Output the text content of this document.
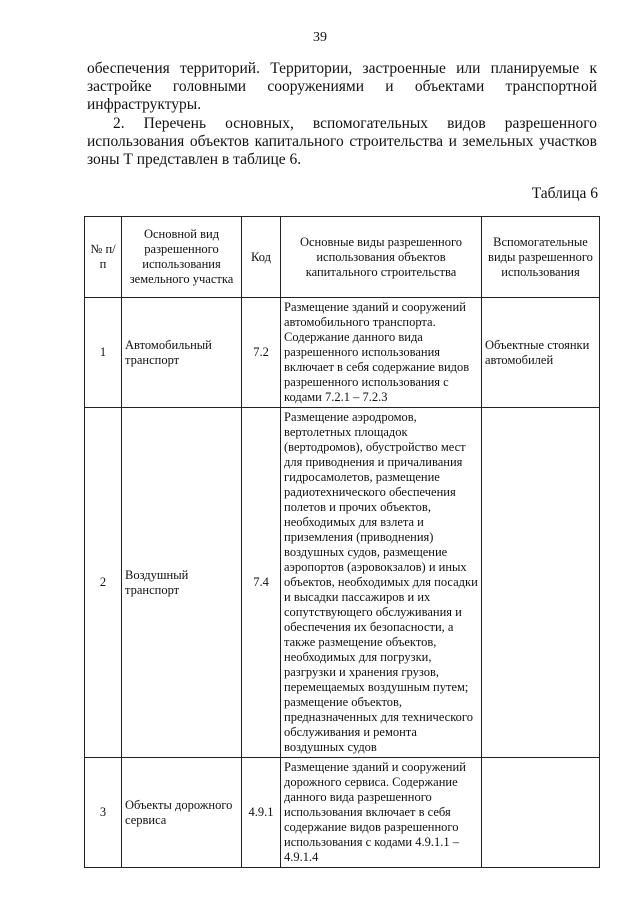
39

обеспечения территорий. Территории, застроенные или планируемые к застройке головными сооружениями и объектами транспортной инфраструктуры.

2. Перечень основных, вспомогательных видов разрешенного использования объектов капитального строительства и земельных участков зоны Т представлен в таблице 6.

Таблица 6
№ п/п	Основной вид разрешенного использования земельного участка	Код	Основные виды разрешенного использования объектов капитального строительства	Вспомогательные виды разрешенного использования
1	Автомобильный транспорт	7.2	Размещение зданий и сооружений автомобильного транспорта. Содержание данного вида разрешенного использования включает в себя содержание видов разрешенного использования с кодами 7.2.1 – 7.2.3	Объектные стоянки автомобилей
2	Воздушный транспорт	7.4	Размещение аэродромов, вертолетных площадок (вертодромов), обустройство мест для приводнения и причаливания гидросамолетов, размещение радиотехнического обеспечения полетов и прочих объектов, необходимых для взлета и приземления (приводнения) воздушных судов, размещение аэропортов (аэровокзалов) и иных объектов, необходимых для посадки и высадки пассажиров и их сопутствующего обслуживания и обеспечения их безопасности, а также размещение объектов, необходимых для погрузки, разгрузки и хранения грузов, перемещаемых воздушным путем; размещение объектов, предназначенных для технического обслуживания и ремонта воздушных судов	
3	Объекты дорожного сервиса	4.9.1	Размещение зданий и сооружений дорожного сервиса. Содержание данного вида разрешенного использования включает в себя содержание видов разрешенного использования с кодами 4.9.1.1 – 4.9.1.4	
